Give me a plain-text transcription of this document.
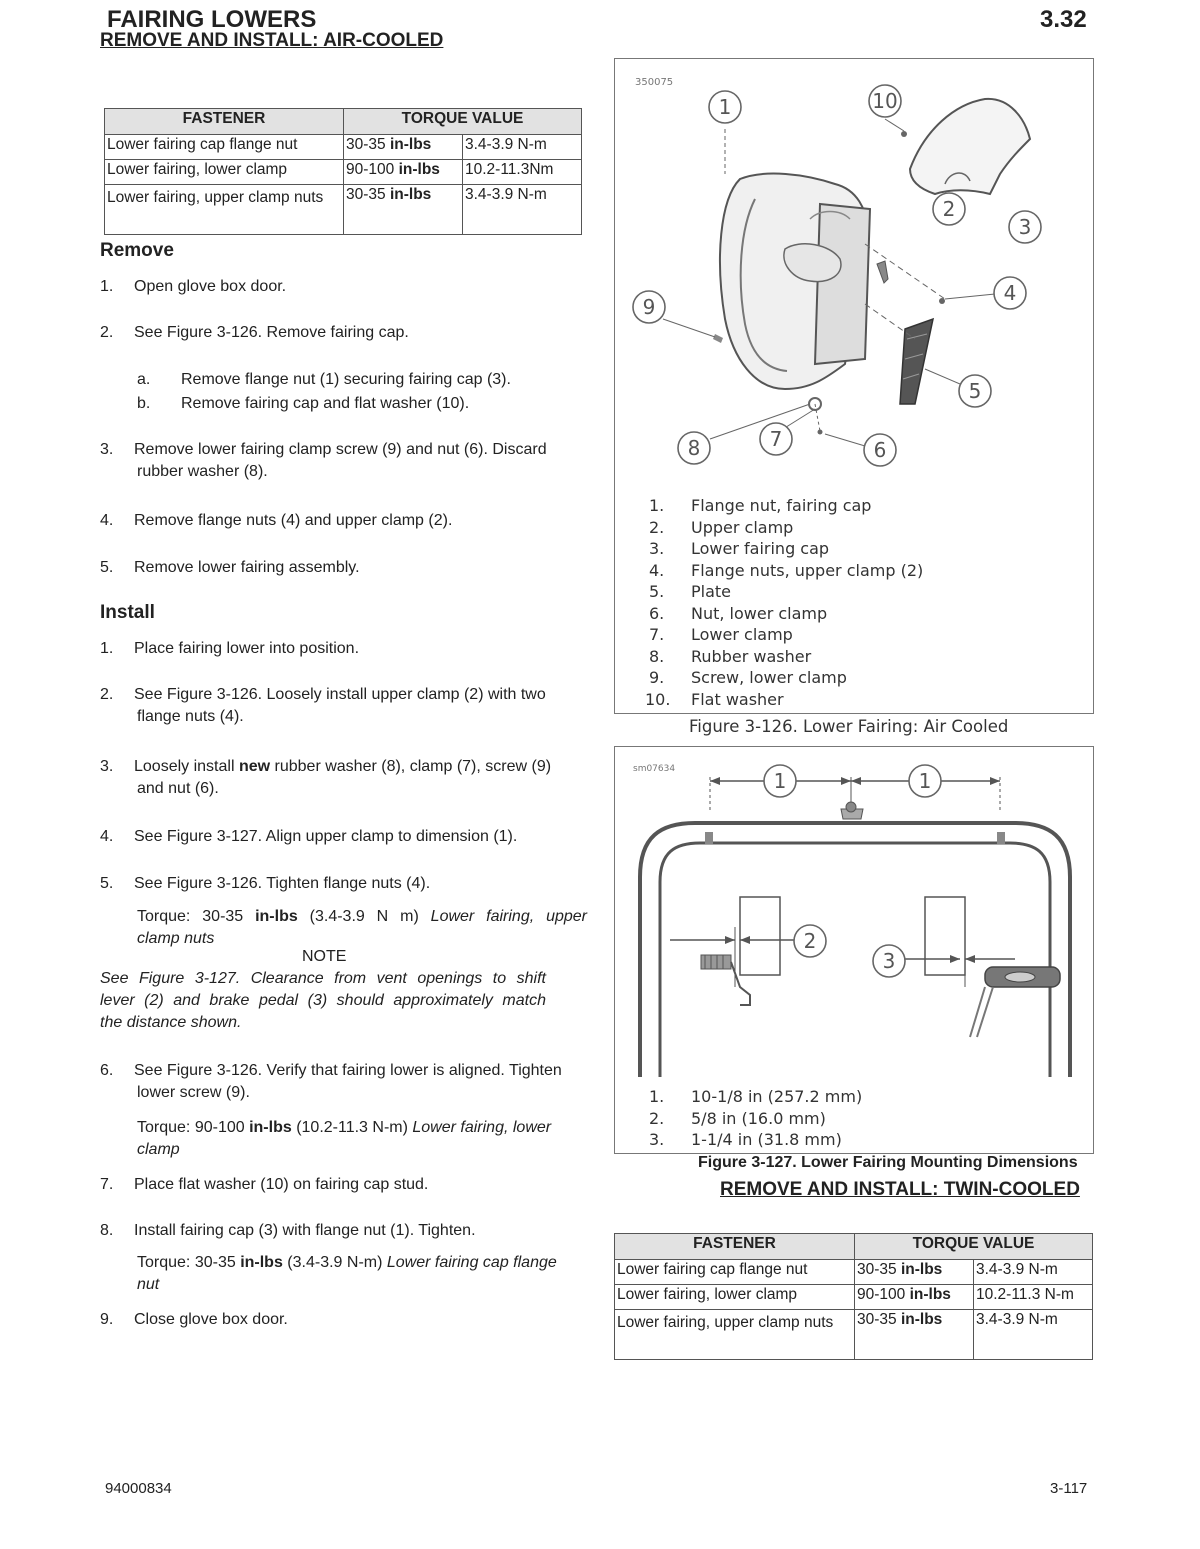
FAIRING LOWERS
REMOVE AND INSTALL: AIR-COOLED
3.32
FASTENER	TORQUE VALUE	
Lower fairing cap flange nut	30-35 in-lbs	3.4-3.9 N-m
Lower fairing, lower clamp	90-100 in-lbs	10.2-11.3Nm
Lower fairing, upper clamp nuts	30-35 in-lbs	3.4-3.9 N-m
Remove
1. Open glove box door.
2. See Figure 3-126. Remove fairing cap.
a. Remove flange nut (1) securing fairing cap (3).
b. Remove fairing cap and flat washer (10).
3. Remove lower fairing clamp screw (9) and nut (6). Discard
rubber washer (8).
4. Remove flange nuts (4) and upper clamp (2).
5. Remove lower fairing assembly.
Install
1. Place fairing lower into position.
2. See Figure 3-126. Loosely install upper clamp (2) with two
flange nuts (4).
3. Loosely install new rubber washer (8), clamp (7), screw (9)
and nut (6).
4. See Figure 3-127. Align upper clamp to dimension (1).
5. See Figure 3-126. Tighten flange nuts (4).
Torque: 30-35 in-lbs (3.4-3.9 N m) Lower fairing, upper
clamp nuts
NOTE
See Figure 3-127. Clearance from vent openings to shift
lever (2) and brake pedal (3) should approximately match
the distance shown.
6. See Figure 3-126. Verify that fairing lower is aligned. Tighten
lower screw (9).
Torque: 90-100 in-lbs (10.2-11.3 N-m) Lower fairing, lower
clamp
7. Place flat washer (10) on fairing cap stud.
8. Install fairing cap (3) with flange nut (1). Tighten.
Torque: 30-35 in-lbs (3.4-3.9 N-m) Lower fairing cap flange
nut
9. Close glove box door.
350075
1	10
2
3
4
9
5
8	7	6
1. Flange nut, fairing cap
2. Upper clamp
3. Lower fairing cap
4. Flange nuts, upper clamp (2)
5. Plate
6. Nut, lower clamp
7. Lower clamp
8. Rubber washer
9. Screw, lower clamp
10. Flat washer
Figure 3-126. Lower Fairing: Air Cooled
sm07634	1	1
2
3
1. 10-1/8 in (257.2 mm)
2. 5/8 in (16.0 mm)
3. 1-1/4 in (31.8 mm)
Figure 3-127. Lower Fairing Mounting Dimensions
REMOVE AND INSTALL: TWIN-COOLED
FASTENER	TORQUE VALUE	
Lower fairing cap flange nut	30-35 in-lbs	3.4-3.9 N-m
Lower fairing, lower clamp	90-100 in-lbs	10.2-11.3 N-m
Lower fairing, upper clamp nuts	30-35 in-lbs	3.4-3.9 N-m
94000834	3-117
